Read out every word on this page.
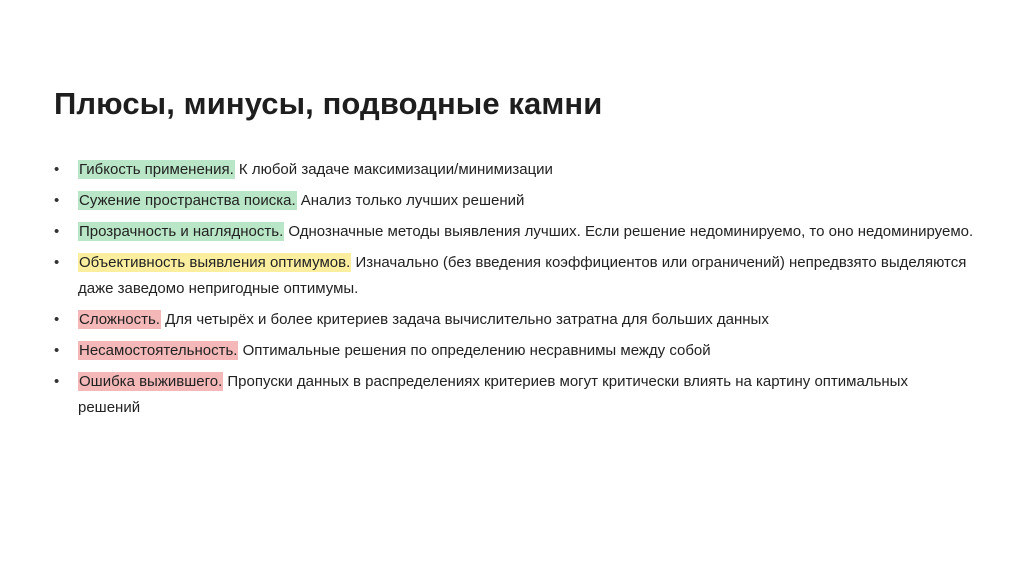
Плюсы, минусы, подводные камни
•	Гибкость применения. К любой задаче максимизации/минимизации
•	Сужение пространства поиска. Анализ только лучших решений
•	Прозрачность и наглядность. Однозначные методы выявления лучших. Если решение недоминируемо, то оно недоминируемо.
•	Объективность выявления оптимумов. Изначально (без введения коэффициентов или ограничений) непредвзято выделяются даже заведомо непригодные оптимумы.
•	Сложность. Для четырёх и более критериев задача вычислительно затратна для больших данных
•	Несамостоятельность. Оптимальные решения по определению несравнимы между собой
•	Ошибка выжившего. Пропуски данных в распределениях критериев могут критически влиять на картину оптимальных решений
